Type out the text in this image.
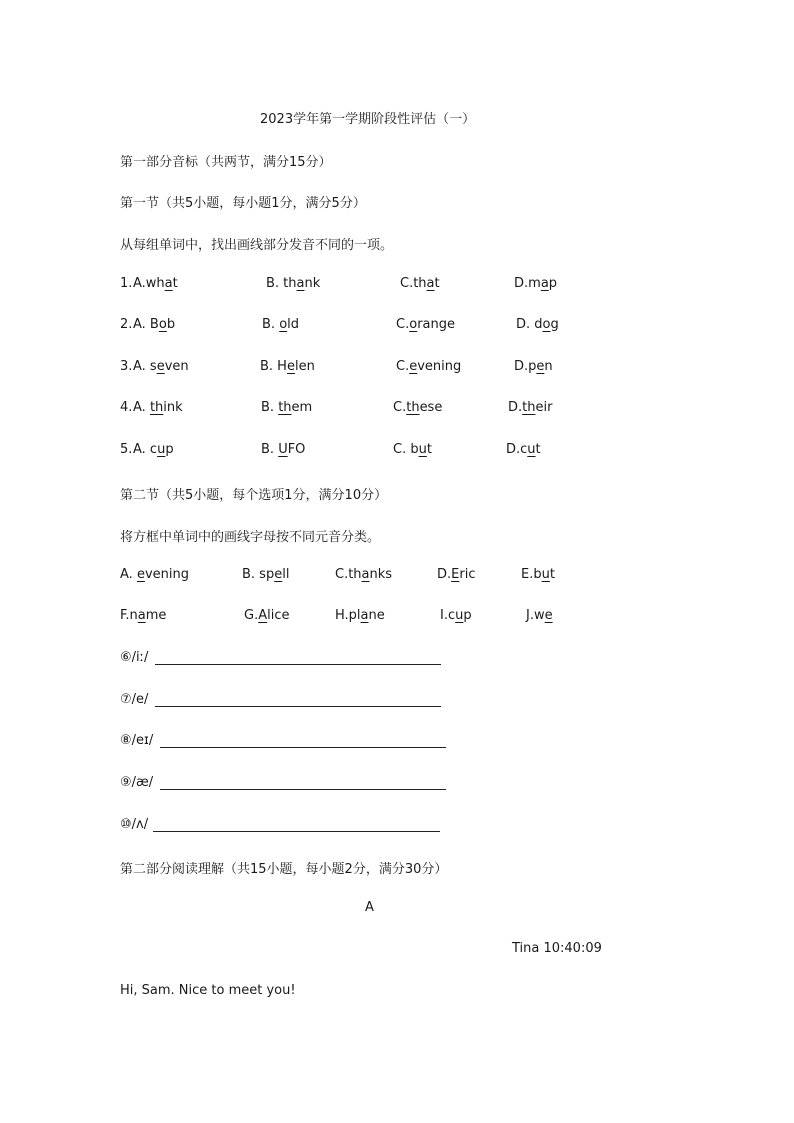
2023学年第一学期阶段性评估（一）
第一部分音标（共两节，满分15分）
第一节（共5小题，每小题1分，满分5分）
从每组单词中，找出画线部分发音不同的一项。
1. A.what	B. thank	C.that	D.map
2. A. Bob	B. old	C.orange	D. dog
3. A. seven	B. Helen	C.evening	D.pen
4. A. think	B. them	C.these	D.their
5. A. cup	B. UFO	C. but	D.cut
第二节（共5小题，每个选项1分，满分10分）
将方框中单词中的画线字母按不同元音分类。
A. evening	B. spell	C.thanks	D.Eric	E.but
F.name	G.Alice	H.plane	I.cup	J.we
⑥/iː/
⑦/e/
⑧/eɪ/
⑨/æ/
⑩/ʌ/
第二部分阅读理解（共15小题，每小题2分，满分30分）
A
Tina 10:40:09
Hi, Sam. Nice to meet you!
